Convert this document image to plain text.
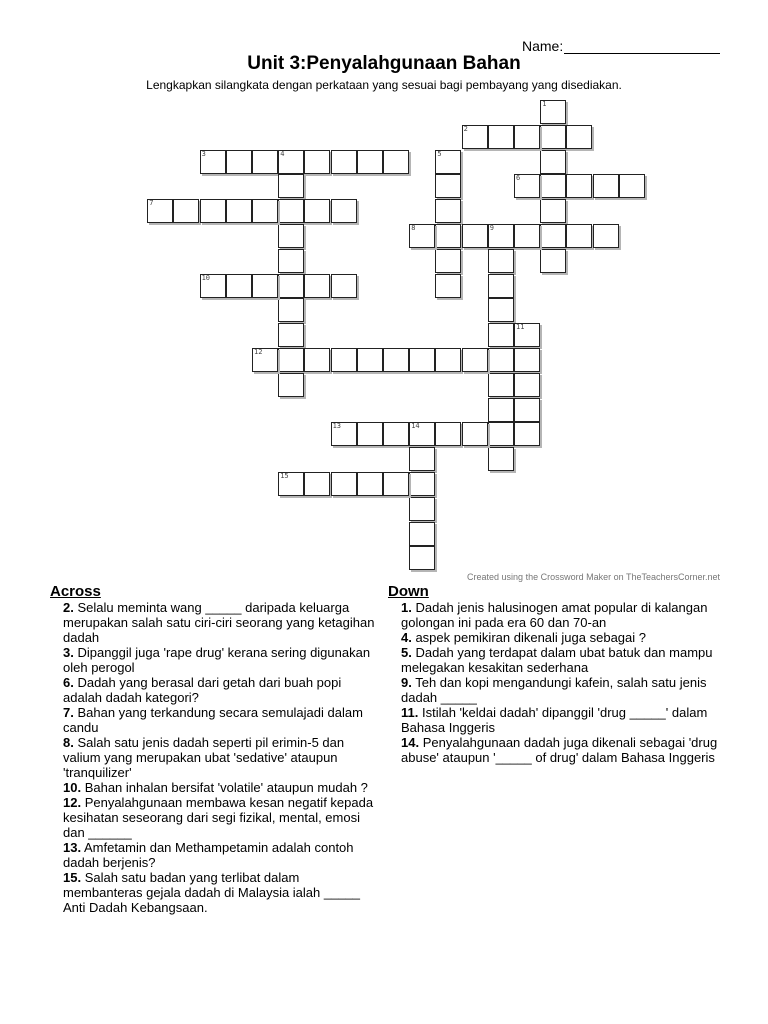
Name:
Unit 3:Penyalahgunaan Bahan
Lengkapkan silangkata dengan perkataan yang sesuai bagi pembayang yang disediakan.
1
2
3	4	5
6
7
8	9
10
11
12
13	14
15
Created using the Crossword Maker on TheTeachersCorner.net
Across
2. Selalu meminta wang _____ daripada keluarga merupakan salah satu ciri-ciri seorang yang ketagihan dadah
3. Dipanggil juga 'rape drug' kerana sering digunakan oleh perogol
6. Dadah yang berasal dari getah dari buah popi adalah dadah kategori?
7. Bahan yang terkandung secara semulajadi dalam candu
8. Salah satu jenis dadah seperti pil erimin-5 dan valium yang merupakan ubat 'sedative' ataupun 'tranquilizer'
10. Bahan inhalan bersifat 'volatile' ataupun mudah ?
12. Penyalahgunaan membawa kesan negatif kepada kesihatan seseorang dari segi fizikal, mental, emosi dan ______
13. Amfetamin dan Methampetamin adalah contoh dadah berjenis?
15. Salah satu badan yang terlibat dalam membanteras gejala dadah di Malaysia ialah _____ Anti Dadah Kebangsaan.
Down
1. Dadah jenis halusinogen amat popular di kalangan golongan ini pada era 60 dan 70-an
4. aspek pemikiran dikenali juga sebagai ?
5. Dadah yang terdapat dalam ubat batuk dan mampu melegakan kesakitan sederhana
9. Teh dan kopi mengandungi kafein, salah satu jenis dadah _____
11. Istilah 'keldai dadah' dipanggil 'drug _____' dalam Bahasa Inggeris
14. Penyalahgunaan dadah juga dikenali sebagai 'drug abuse' ataupun '_____ of drug' dalam Bahasa Inggeris
